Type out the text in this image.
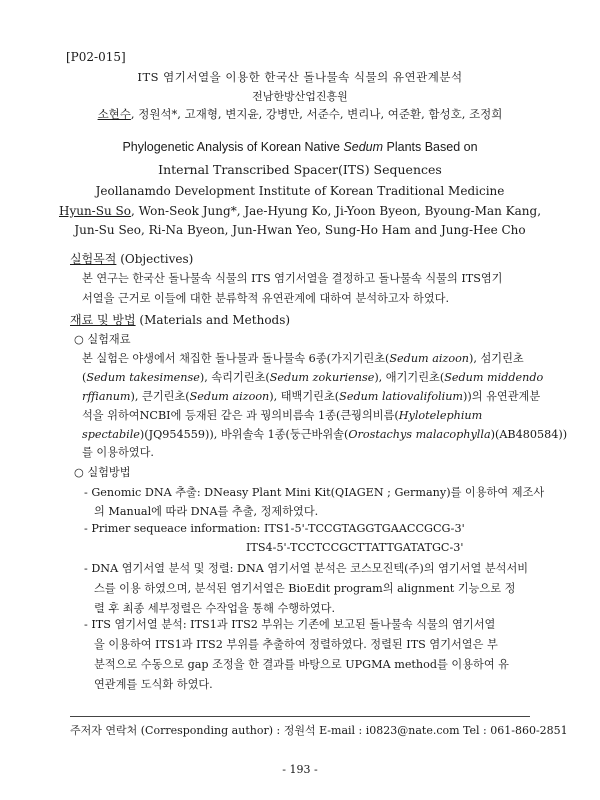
[P02-015]
ITS 염기서열을 이용한 한국산 돌나물속 식물의 유연관계분석
전남한방산업진흥원
소현수, 정원석*, 고재형, 변지윤, 강병만, 서준수, 변리나, 여준환, 함성호, 조정희
Phylogenetic Analysis of Korean Native Sedum Plants Based on
Internal Transcribed Spacer(ITS) Sequences
Jeollanamdo Development Institute of Korean Traditional Medicine
Hyun-Su So, Won-Seok Jung*, Jae-Hyung Ko, Ji-Yoon Byeon, Byoung-Man Kang,
Jun-Su Seo, Ri-Na Byeon, Jun-Hwan Yeo, Sung-Ho Ham and Jung-Hee Cho
실험목적 (Objectives)
본 연구는 한국산 돌나물속 식물의 ITS 염기서열을 결정하고 돌나물속 식물의 ITS염기
서열을 근거로 이들에 대한 분류학적 유연관계에 대하여 분석하고자 하였다.
재료 및 방법 (Materials and Methods)
○ 실험재료
본 실험은 야생에서 채집한 돌나물과 돌나물속 6종(가지기린초(Sedum aizoon), 섬기린초
(Sedum takesimense), 속리기린초(Sedum zokuriense), 애기기린초(Sedum middendo
rffianum), 큰기린초(Sedum aizoon), 태백기린초(Sedum latiovalifolium))의 유연관계분
석을 위하여NCBI에 등재된 같은 과 꿩의비름속 1종(큰꿩의비름(Hylotelephium
spectabile)(JQ954559)), 바위솔속 1종(둥근바위솔(Orostachys malacophylla)(AB480584))
를 이용하였다.
○ 실험방법
- Genomic DNA 추출: DNeasy Plant Mini Kit(QIAGEN ; Germany)를 이용하여 제조사
의 Manual에 따라 DNA를 추출, 정제하였다.
- Primer sequeace information: ITS1-5'-TCCGTAGGTGAACCGCG-3'
ITS4-5'-TCCTCCGCTTATTGATATGC-3'
- DNA 염기서열 분석 및 정렬: DNA 염기서열 분석은 코스모진텍(주)의 염기서열 분석서비
스를 이용 하였으며, 분석된 염기서열은 BioEdit program의 alignment 기능으로 정
렬 후 최종 세부정렬은 수작업을 통해 수행하였다.
- ITS 염기서열 분석: ITS1과 ITS2 부위는 기존에 보고된 돌나물속 식물의 염기서열
을 이용하여 ITS1과 ITS2 부위를 추출하여 정렬하였다. 정렬된 ITS 염기서열은 부
분적으로 수동으로 gap 조정을 한 결과를 바탕으로 UPGMA method를 이용하여 유
주저자 연락처 (Corresponding author) : 정원석 E-mail : i0823@nate.com Tel : 061-860-2851
- 193 -
연관계를 도식화 하였다.
